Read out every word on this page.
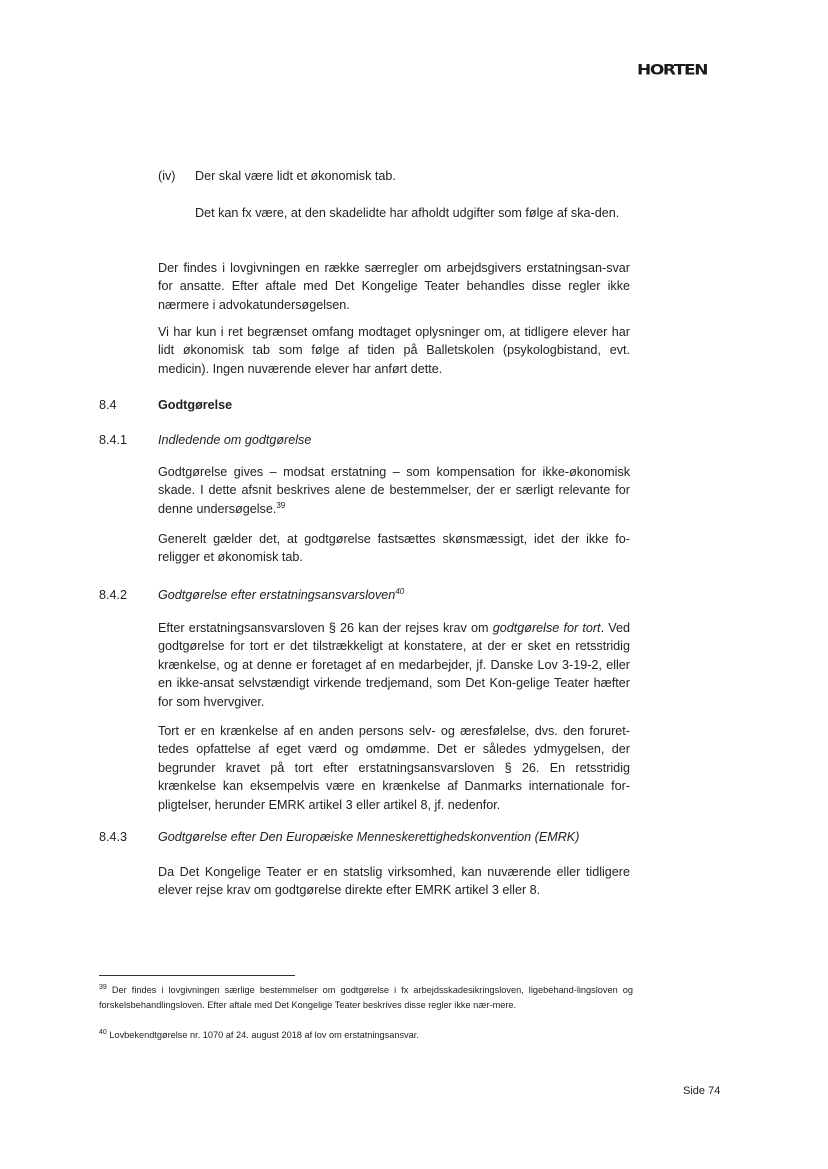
HORTEN
(iv) Der skal være lidt et økonomisk tab.

Det kan fx være, at den skadelidte har afholdt udgifter som følge af ska-den.

Der findes i lovgivningen en række særregler om arbejdsgivers erstatningsan-svar for ansatte. Efter aftale med Det Kongelige Teater behandles disse regler ikke nærmere i advokatundersøgelsen.

Vi har kun i ret begrænset omfang modtaget oplysninger om, at tidligere elever har lidt økonomisk tab som følge af tiden på Balletskolen (psykologbistand, evt. medicin). Ingen nuværende elever har anført dette.

8.4	Godtgørelse
8.4.1 Indledende om godtgørelse

Godtgørelse gives – modsat erstatning – som kompensation for ikke-økonomisk skade. I dette afsnit beskrives alene de bestemmelser, der er særligt relevante for denne undersøgelse.$^{39}$

Generelt gælder det, at godtgørelse fastsættes skønsmæssigt, idet der ikke fo-religger et økonomisk tab.

8.4.2 Godtgørelse efter erstatningsansvarsloven$^{40}$

Efter erstatningsansvarsloven § 26 kan der rejses krav om godtgørelse for tort. Ved godtgørelse for tort er det tilstrækkeligt at konstatere, at der er sket en retsstridig krænkelse, og at denne er foretaget af en medarbejder, jf. Danske Lov 3-19-2, eller en ikke-ansat selvstændigt virkende tredjemand, som Det Kon-gelige Teater hæfter for som hvervgiver.

Tort er en krænkelse af en anden persons selv- og æresfølelse, dvs. den foruret-tedes opfattelse af eget værd og omdømme. Det er således ydmygelsen, der begrunder kravet på tort efter erstatningsansvarsloven § 26. En retsstridig krænkelse kan eksempelvis være en krænkelse af Danmarks internationale for-pligtelser, herunder EMRK artikel 3 eller artikel 8, jf. nedenfor.

8.4.3 Godtgørelse efter Den Europæiske Menneskerettighedskonvention (EMRK)

Da Det Kongelige Teater er en statslig virksomhed, kan nuværende eller tidligere elever rejse krav om godtgørelse direkte efter EMRK artikel 3 eller 8.

$^{39}$ Der findes i lovgivningen særlige bestemmelser om godtgørelse i fx arbejdsskadesikringsloven, ligebehand-lingsloven og forskelsbehandlingsloven. Efter aftale med Det Kongelige Teater beskrives disse regler ikke nær-mere.

$^{40}$ Lovbekendtgørelse nr. 1070 af 24. august 2018 af lov om erstatningsansvar.

Side 74
